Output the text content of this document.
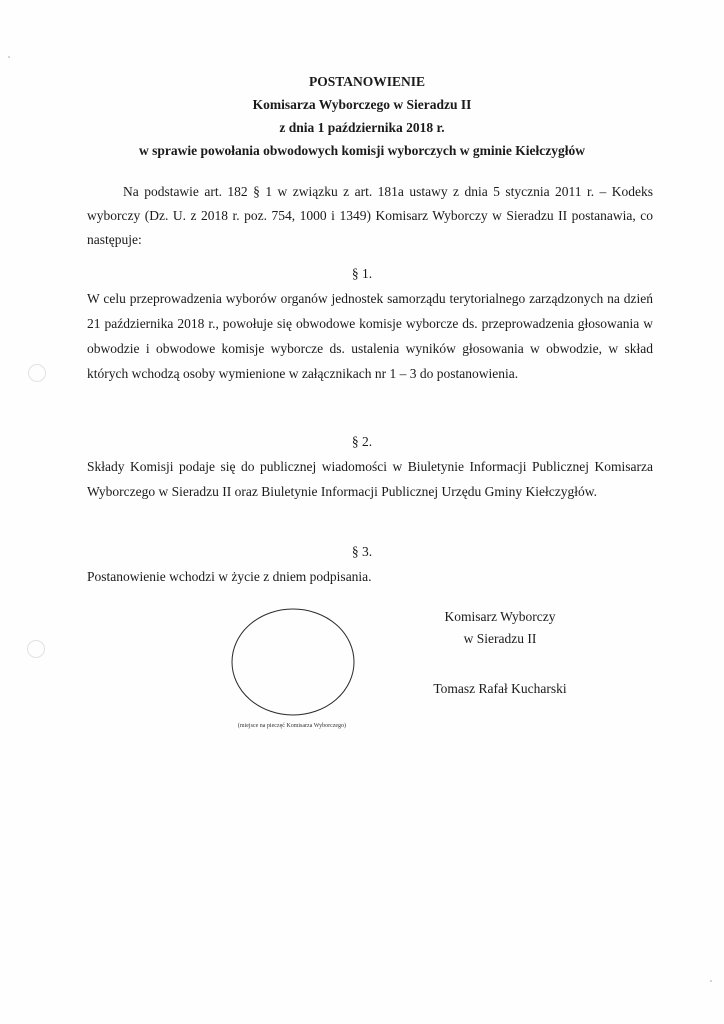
POSTANOWIENIE
Komisarza Wyborczego w Sieradzu II
z dnia 1 października 2018 r.
w sprawie powołania obwodowych komisji wyborczych w gminie Kiełczygłów
Na podstawie art. 182 § 1 w związku z art. 181a ustawy z dnia 5 stycznia 2011 r. – Kodeks wyborczy (Dz. U. z 2018 r. poz. 754, 1000 i 1349) Komisarz Wyborczy w Sieradzu II postanawia, co następuje:
§ 1.
W celu przeprowadzenia wyborów organów jednostek samorządu terytorialnego zarządzonych na dzień 21 października 2018 r., powołuje się obwodowe komisje wyborcze ds. przeprowadzenia głosowania w obwodzie i obwodowe komisje wyborcze ds. ustalenia wyników głosowania w obwodzie, w skład których wchodzą osoby wymienione w załącznikach nr 1 – 3 do postanowienia.
§ 2.
Składy Komisji podaje się do publicznej wiadomości w Biuletynie Informacji Publicznej Komisarza Wyborczego w Sieradzu II oraz Biuletynie Informacji Publicznej Urzędu Gminy Kiełczygłów.
§ 3.
Postanowienie wchodzi w życie z dniem podpisania.
Komisarz Wyborczy
w Sieradzu II
Tomasz Rafał Kucharski
(miejsce na pieczęć Komisarza Wyborczego)
